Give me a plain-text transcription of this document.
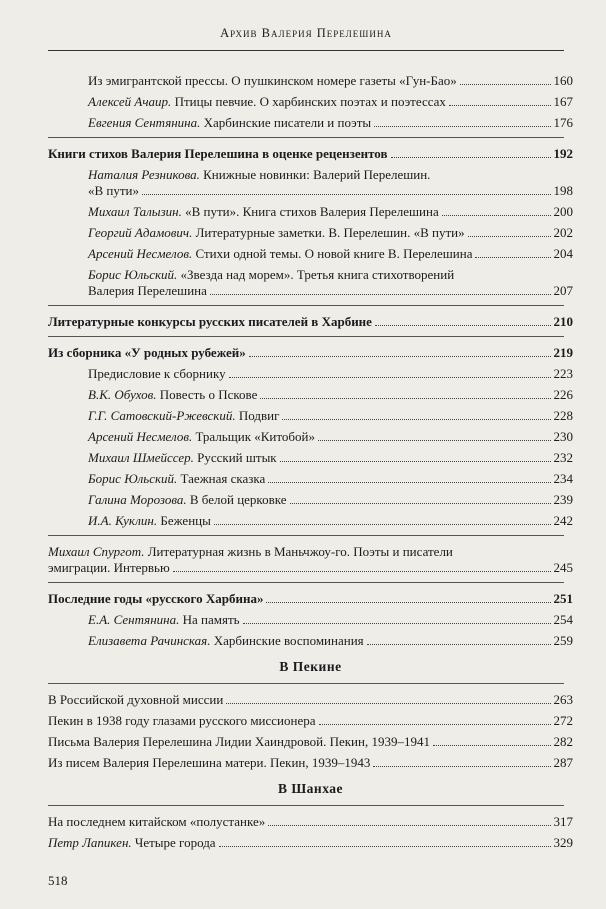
Архив Валерия Перелешина
Из эмигрантской прессы. О пушкинском номере газеты «Гун-Бао»	160
Алексей Ачаир. Птицы певчие. О харбинских поэтах и поэтессах	167
Евгения Сентянина. Харбинские писатели и поэты	176
Книги стихов Валерия Перелешина в оценке рецензентов	192
Наталия Резникова. Книжные новинки: Валерий Перелешин.
«В пути»	198
Михаил Талызин. «В пути». Книга стихов Валерия Перелешина	200
Георгий Адамович. Литературные заметки. В. Перелешин. «В пути»	202
Арсений Несмелов. Стихи одной темы. О новой книге В. Перелешина	204
Борис Юльский. «Звезда над морем». Третья книга стихотворений
Валерия Перелешина	207
Литературные конкурсы русских писателей в Харбине	210
Из сборника «У родных рубежей»	219
Предисловие к сборнику	223
В.К. Обухов. Повесть о Пскове	226
Г.Г. Сатовский-Ржевский. Подвиг	228
Арсений Несмелов. Тральщик «Китобой»	230
Михаил Шмейссер. Русский штык	232
Борис Юльский. Таежная сказка	234
Галина Морозова. В белой церковке	239
И.А. Куклин. Беженцы	242
Михаил Спургот. Литературная жизнь в Маньчжоу-го. Поэты и писатели
эмиграции. Интервью	245
Последние годы «русского Харбина»	251
Е.А. Сентянина. На память	254
Елизавета Рачинская. Харбинские воспоминания	259
В Пекине
В Российской духовной миссии	263
Пекин в 1938 году глазами русского миссионера	272
Письма Валерия Перелешина Лидии Хаиндровой. Пекин, 1939–1941	282
Из писем Валерия Перелешина матери. Пекин, 1939–1943	287
В Шанхае
На последнем китайском «полустанке»	317
Петр Лапикен. Четыре города	329
518
